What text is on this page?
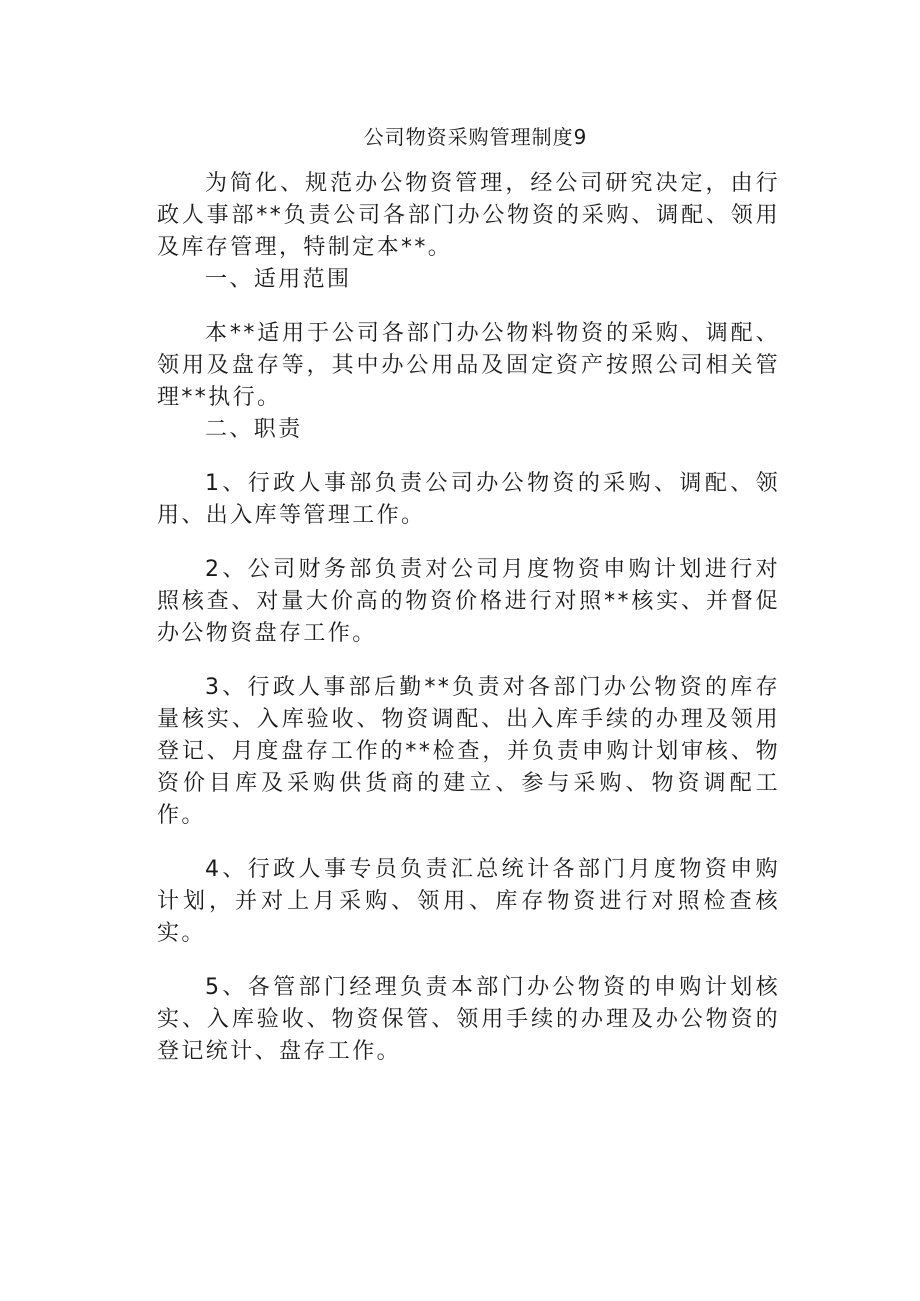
公司物资采购管理制度9

为简化、规范办公物资管理，经公司研究决定，由行政人事部**负责公司各部门办公物资的采购、调配、领用及库存管理，特制定本**。

一、适用范围

本**适用于公司各部门办公物料物资的采购、调配、领用及盘存等，其中办公用品及固定资产按照公司相关管理**执行。

二、职责

1、行政人事部负责公司办公物资的采购、调配、领用、出入库等管理工作。

2、公司财务部负责对公司月度物资申购计划进行对照核查、对量大价高的物资价格进行对照**核实、并督促办公物资盘存工作。

3、行政人事部后勤**负责对各部门办公物资的库存量核实、入库验收、物资调配、出入库手续的办理及领用登记、月度盘存工作的**检查，并负责申购计划审核、物资价目库及采购供货商的建立、参与采购、物资调配工作。

4、行政人事专员负责汇总统计各部门月度物资申购计划，并对上月采购、领用、库存物资进行对照检查核实。

5、各管部门经理负责本部门办公物资的申购计划核实、入库验收、物资保管、领用手续的办理及办公物资的登记统计、盘存工作。
